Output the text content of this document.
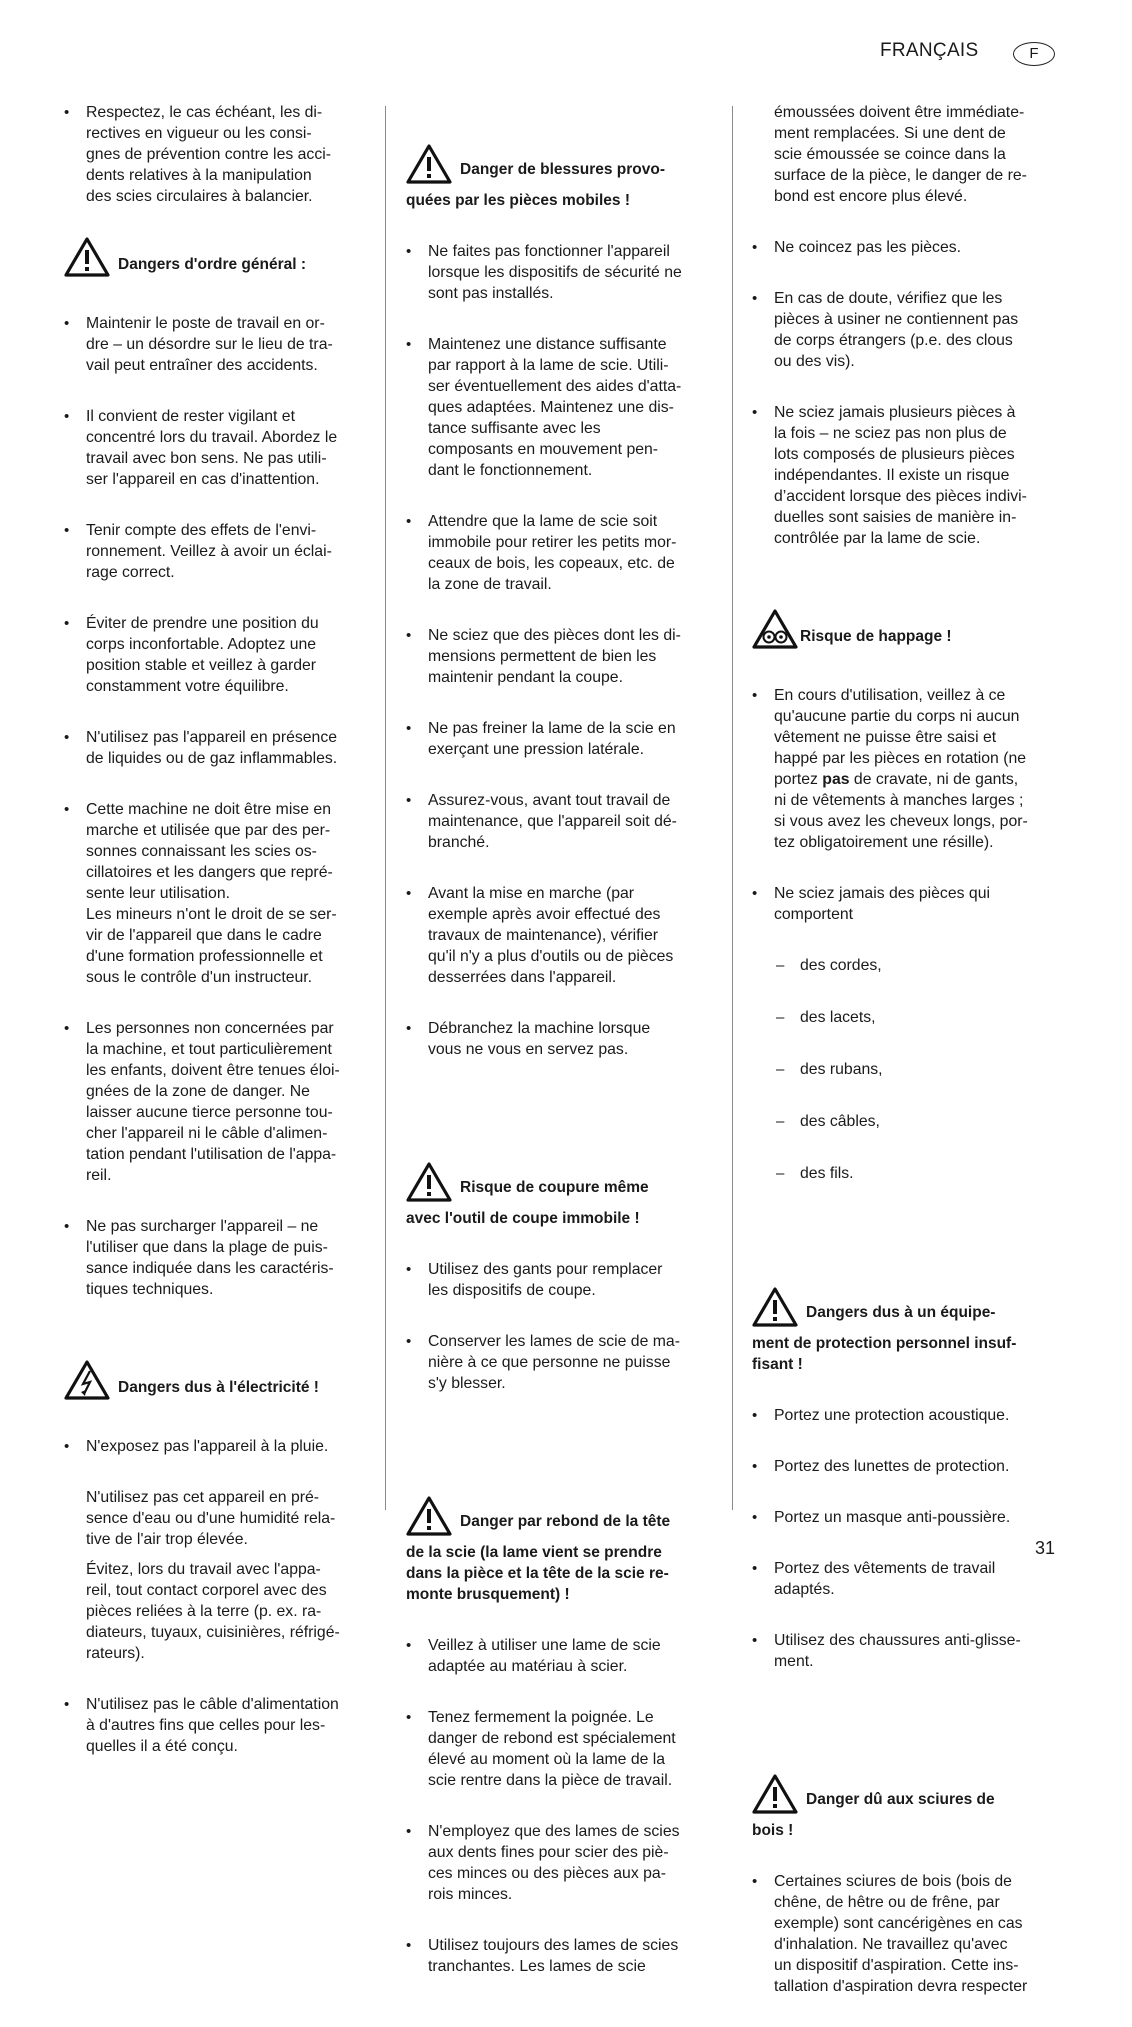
FRANÇAIS	F
• Respectez, le cas échéant, les di-
rectives en vigueur ou les consi-
gnes de prévention contre les acci-
dents relatives à la manipulation
des scies circulaires à balancier.
Dangers d'ordre général :

• Maintenir le poste de travail en or-
dre – un désordre sur le lieu de tra-
vail peut entraîner des accidents.

• Il convient de rester vigilant et
concentré lors du travail. Abordez le
travail avec bon sens. Ne pas utili-
ser l'appareil en cas d'inattention.

• Tenir compte des effets de l'envi-
ronnement. Veillez à avoir un éclai-
rage correct.

• Éviter de prendre une position du
corps inconfortable. Adoptez une
position stable et veillez à garder
constamment votre équilibre.

• N'utilisez pas l'appareil en présence
de liquides ou de gaz inflammables.

• Cette machine ne doit être mise en
marche et utilisée que par des per-
sonnes connaissant les scies os-
cillatoires et les dangers que repré-
sente leur utilisation.
Les mineurs n'ont le droit de se ser-
vir de l'appareil que dans le cadre
d'une formation professionnelle et
sous le contrôle d'un instructeur.

• Les personnes non concernées par
la machine, et tout particulièrement
les enfants, doivent être tenues éloi-
gnées de la zone de danger. Ne
laisser aucune tierce personne tou-
cher l'appareil ni le câble d'alimen-
tation pendant l'utilisation de l'appa-
reil.

• Ne pas surcharger l'appareil – ne
l'utiliser que dans la plage de puis-
sance indiquée dans les caractéris-
tiques techniques.

Dangers dus à l'électricité !

• N'exposez pas l'appareil à la pluie.

N'utilisez pas cet appareil en pré-
sence d'eau ou d'une humidité rela-
tive de l'air trop élevée.

Évitez, lors du travail avec l'appa-
reil, tout contact corporel avec des
pièces reliées à la terre (p. ex. ra-
diateurs, tuyaux, cuisinières, réfrigé-
rateurs).

• N'utilisez pas le câble d'alimentation
à d'autres fins que celles pour les-
quelles il a été conçu.

Danger de blessures provo-
quées par les pièces mobiles !

• Ne faites pas fonctionner l'appareil
lorsque les dispositifs de sécurité ne
sont pas installés.

• Maintenez une distance suffisante
par rapport à la lame de scie. Utili-
ser éventuellement des aides d'atta-
ques adaptées. Maintenez une dis-
tance suffisante avec les
composants en mouvement pen-
dant le fonctionnement.

• Attendre que la lame de scie soit
immobile pour retirer les petits mor-
ceaux de bois, les copeaux, etc. de
la zone de travail.

• Ne sciez que des pièces dont les di-
mensions permettent de bien les
maintenir pendant la coupe.

• Ne pas freiner la lame de la scie en
exerçant une pression latérale.

• Assurez-vous, avant tout travail de
maintenance, que l'appareil soit dé-
branché.

• Avant la mise en marche (par
exemple après avoir effectué des
travaux de maintenance), vérifier
qu'il n'y a plus d'outils ou de pièces
desserrées dans l'appareil.

• Débranchez la machine lorsque
vous ne vous en servez pas.

Risque de coupure même
avec l'outil de coupe immobile !

• Utilisez des gants pour remplacer
les dispositifs de coupe.

• Conserver les lames de scie de ma-
nière à ce que personne ne puisse
s'y blesser.

Danger par rebond de la tête
de la scie (la lame vient se prendre
dans la pièce et la tête de la scie re-
monte brusquement) !

• Veillez à utiliser une lame de scie
adaptée au matériau à scier.

• Tenez fermement la poignée. Le
danger de rebond est spécialement
élevé au moment où la lame de la
scie rentre dans la pièce de travail.

• N'employez que des lames de scies
aux dents fines pour scier des piè-
ces minces ou des pièces aux pa-
rois minces.

• Utilisez toujours des lames de scies
tranchantes. Les lames de scie

émoussées doivent être immédiate-
ment remplacées. Si une dent de
scie émoussée se coince dans la
surface de la pièce, le danger de re-
bond est encore plus élevé.

• Ne coincez pas les pièces.

• En cas de doute, vérifiez que les
pièces à usiner ne contiennent pas
de corps étrangers (p.e. des clous
ou des vis).

• Ne sciez jamais plusieurs pièces à
la fois – ne sciez pas non plus de
lots composés de plusieurs pièces
indépendantes. Il existe un risque
d’accident lorsque des pièces indivi-
duelles sont saisies de manière in-
contrôlée par la lame de scie.

Risque de happage !

• En cours d'utilisation, veillez à ce
qu'aucune partie du corps ni aucun
vêtement ne puisse être saisi et
happé par les pièces en rotation (ne
portez pas de cravate, ni de gants,
ni de vêtements à manches larges ;
si vous avez les cheveux longs, por-
tez obligatoirement une résille).

• Ne sciez jamais des pièces qui
comportent

– des cordes,

– des lacets,

– des rubans,

– des câbles,

– des fils.

Dangers dus à un équipe-
ment de protection personnel insuf-
fisant !

• Portez une protection acoustique.

• Portez des lunettes de protection.

• Portez un masque anti-poussière.

• Portez des vêtements de travail
adaptés.

• Utilisez des chaussures anti-glisse-
ment.

Danger dû aux sciures de
bois !

• Certaines sciures de bois (bois de
chêne, de hêtre ou de frêne, par
exemple) sont cancérigènes en cas
d'inhalation. Ne travaillez qu'avec
un dispositif d'aspiration. Cette ins-
tallation d'aspiration devra respecter

31
